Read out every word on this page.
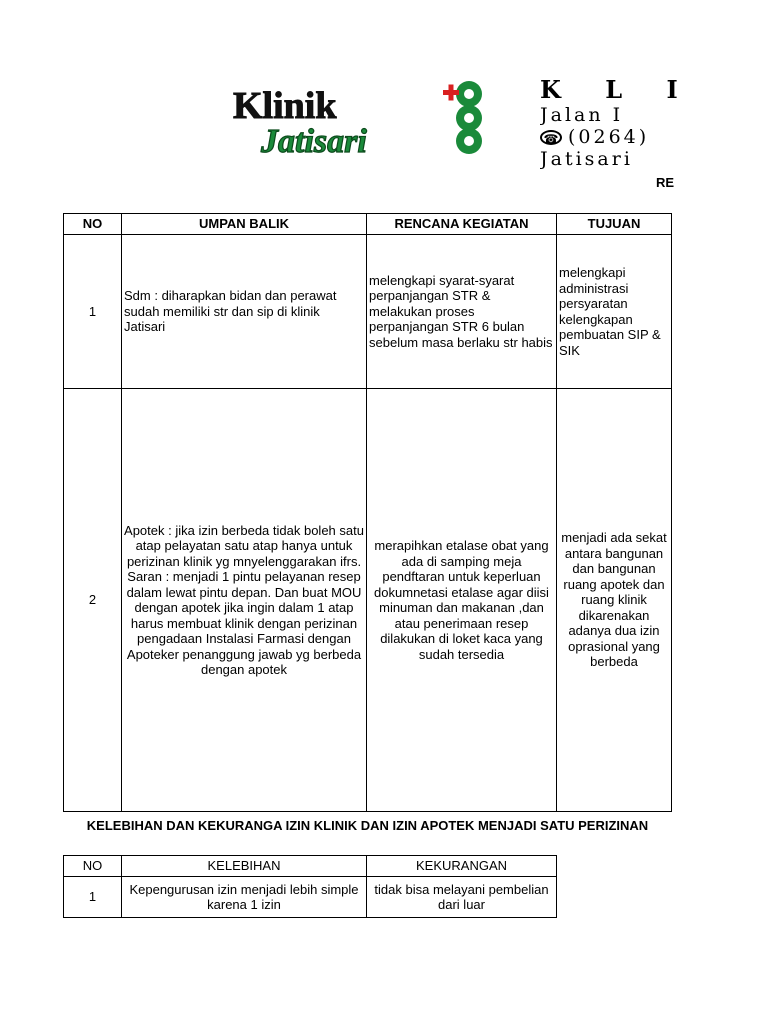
Klinik
Jatisari
K L I
Jalan I
☎ (0264)
Jatisari
RE
NO	UMPAN BALIK	RENCANA KEGIATAN	TUJUAN
1	Sdm : diharapkan bidan dan perawat sudah memiliki str dan sip di klinik Jatisari	melengkapi syarat-syarat perpanjangan STR & melakukan proses perpanjangan STR 6 bulan sebelum masa berlaku str habis	melengkapi administrasi persyaratan kelengkapan pembuatan SIP & SIK
2	Apotek : jika izin berbeda tidak boleh satu atap pelayatan satu atap hanya untuk perizinan klinik yg mnyelenggarakan ifrs. Saran : menjadi 1 pintu pelayanan resep dalam lewat pintu depan. Dan buat MOU dengan apotek jika ingin dalam 1 atap harus membuat klinik dengan perizinan pengadaan Instalasi Farmasi dengan Apoteker penanggung jawab yg berbeda dengan apotek	merapihkan etalase obat yang ada di samping meja pendftaran untuk keperluan dokumnetasi etalase agar diisi minuman dan makanan ,dan atau penerimaan resep dilakukan di loket kaca yang sudah tersedia	menjadi ada sekat antara bangunan dan bangunan ruang apotek dan ruang klinik dikarenakan adanya dua izin oprasional yang berbeda
KELEBIHAN DAN KEKURANGA IZIN KLINIK DAN IZIN APOTEK MENJADI SATU PERIZINAN
NO	KELEBIHAN	KEKURANGAN
1	Kepengurusan izin menjadi lebih simple karena 1 izin	tidak bisa melayani pembelian dari luar
